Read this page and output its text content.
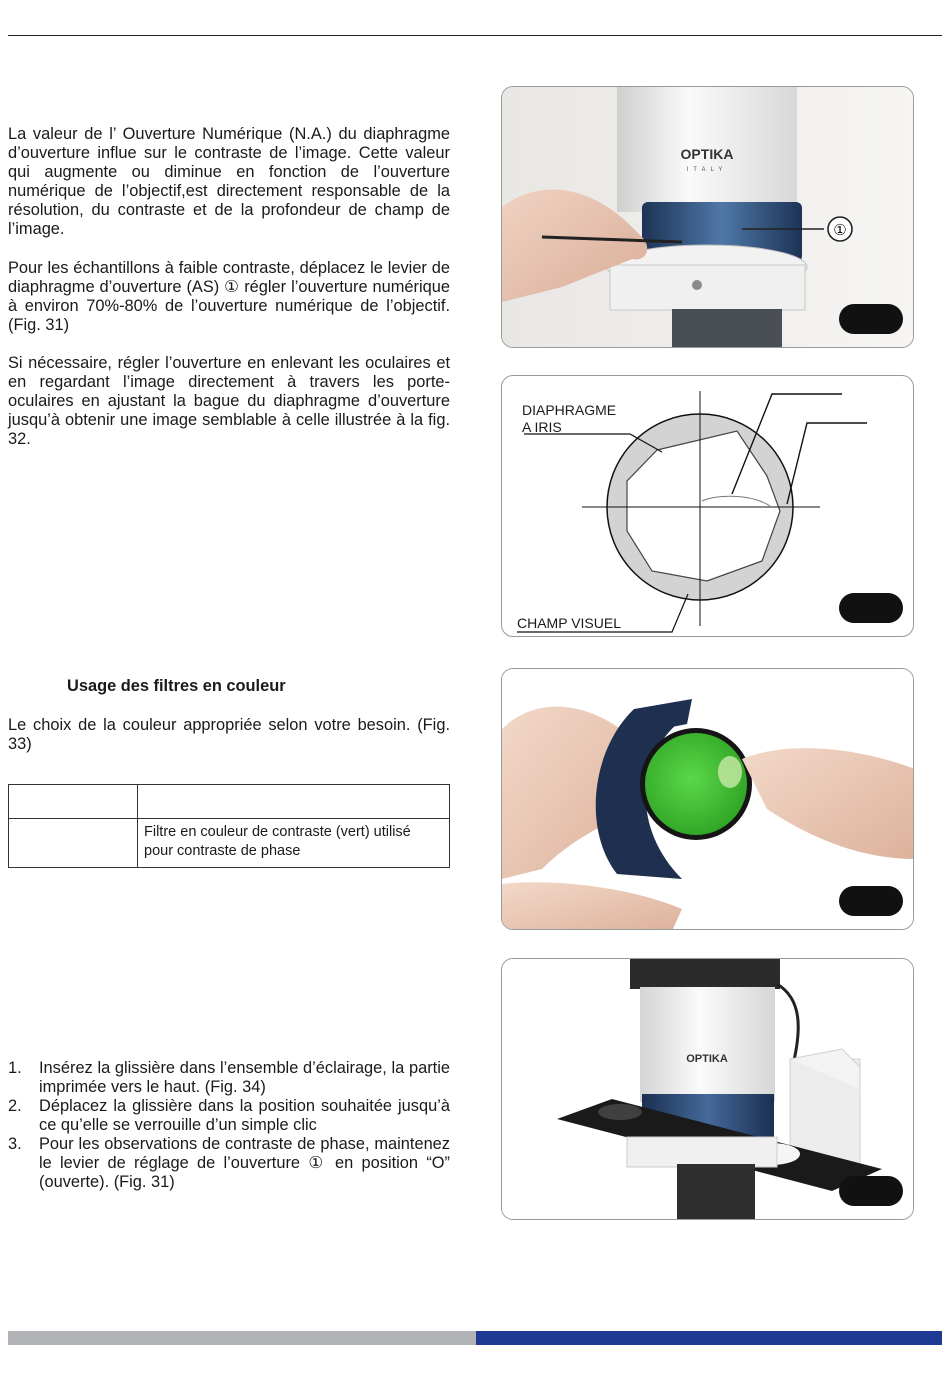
La valeur de l’ Ouverture Numérique (N.A.) du diaphragme d’ouverture influe sur le contraste de l’image. Cette valeur qui augmente ou diminue en fonction de l’ouverture numérique de l’objectif,est directement responsable de la résolution, du contraste et de la profondeur de champ de l’image.

Pour les échantillons à faible contraste, déplacez le levier de diaphragme d’ouverture (AS) ① régler l’ouverture numérique à environ 70%-80% de l’ouverture numérique de l’objectif. (Fig. 31)

Si nécessaire, régler l’ouverture en enlevant les oculaires et en regardant l’image directement à travers les porte-oculaires en ajustant la bague du diaphragme d’ouverture jusqu’à obtenir une image semblable à celle illustrée à la fig. 32.

Usage des filtres en couleur

Le choix de la couleur appropriée selon votre besoin. (Fig. 33)

	Filtre en couleur de contraste (vert) utilisé pour contraste de phase
1.	Insérez la glissière dans l’ensemble d’éclairage, la partie imprimée vers le haut. (Fig. 34)
2.	Déplacez la glissière dans la position souhaitée jusqu’à ce qu’elle se verrouille d’un simple clic
3.	Pour les observations de contraste de phase, maintenez le levier de réglage de l’ouverture ① en position “O” (ouverte). (Fig. 31)
①
OPTIKA
ITALY
DIAPHRAGME
A IRIS
CHAMP VISUEL
OPTIKA
